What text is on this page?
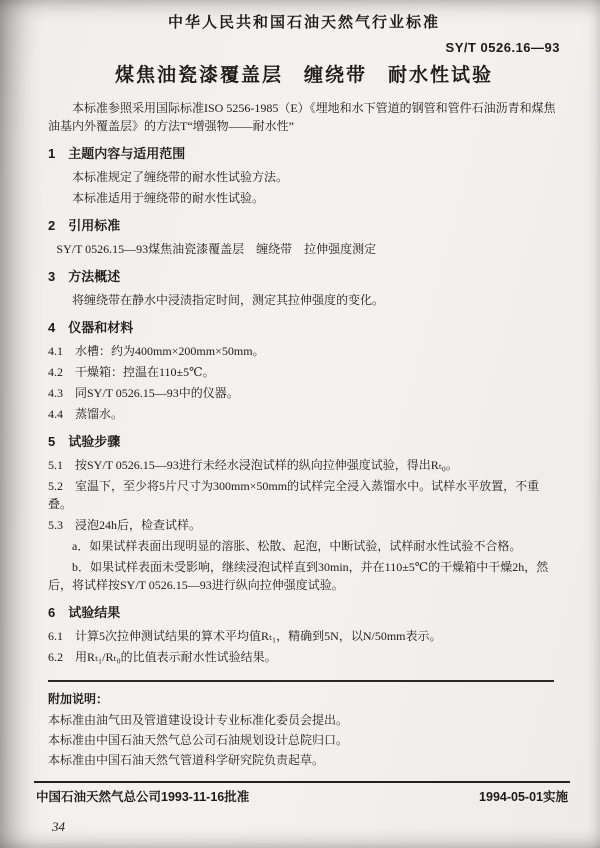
中华人民共和国石油天然气行业标准
SY/T 0526.16—93
煤焦油瓷漆覆盖层　缠绕带　耐水性试验

本标准参照采用国际标准ISO 5256-1985（E）《埋地和水下管道的钢管和管件石油沥青和煤焦油基内外覆盖层》的方法T“增强物——耐水性”

1 主题内容与适用范围

本标准规定了缠绕带的耐水性试验方法。

本标准适用于缠绕带的耐水性试验。

2 引用标准

SY/T 0526.15—93煤焦油瓷漆覆盖层　缠绕带　拉伸强度测定

3 方法概述

将缠绕带在静水中浸渍指定时间，测定其拉伸强度的变化。

4 仪器和材料

4.1　水槽：约为400mm×200mm×50mm。

4.2　干燥箱：控温在110±5℃。

4.3　同SY/T 0526.15—93中的仪器。

4.4　蒸馏水。

5 试验步骤

5.1　按SY/T 0526.15—93进行未经水浸泡试样的纵向拉伸强度试验，得出Rₜ₀。

5.2　室温下，至少将5片尺寸为300mm×50mm的试样完全浸入蒸馏水中。试样水平放置，不重叠。

5.3　浸泡24h后，检查试样。

a．如果试样表面出现明显的溶胀、松散、起泡，中断试验，试样耐水性试验不合格。

b．如果试样表面未受影响，继续浸泡试样直到30min，并在110±5℃的干燥箱中干燥2h，然后，将试样按SY/T 0526.15—93进行纵向拉伸强度试验。

6 试验结果

6.1　计算5次拉伸测试结果的算术平均值Rₜ₁，精确到5N，以N/50mm表示。

6.2　用Rₜ₁/Rₜ₀的比值表示耐水性试验结果。

附加说明：

本标准由油气田及管道建设设计专业标准化委员会提出。

本标准由中国石油天然气总公司石油规划设计总院归口。

本标准由中国石油天然气管道科学研究院负责起草。

中国石油天然气总公司1993-11-16批准	1994-05-01实施
34
